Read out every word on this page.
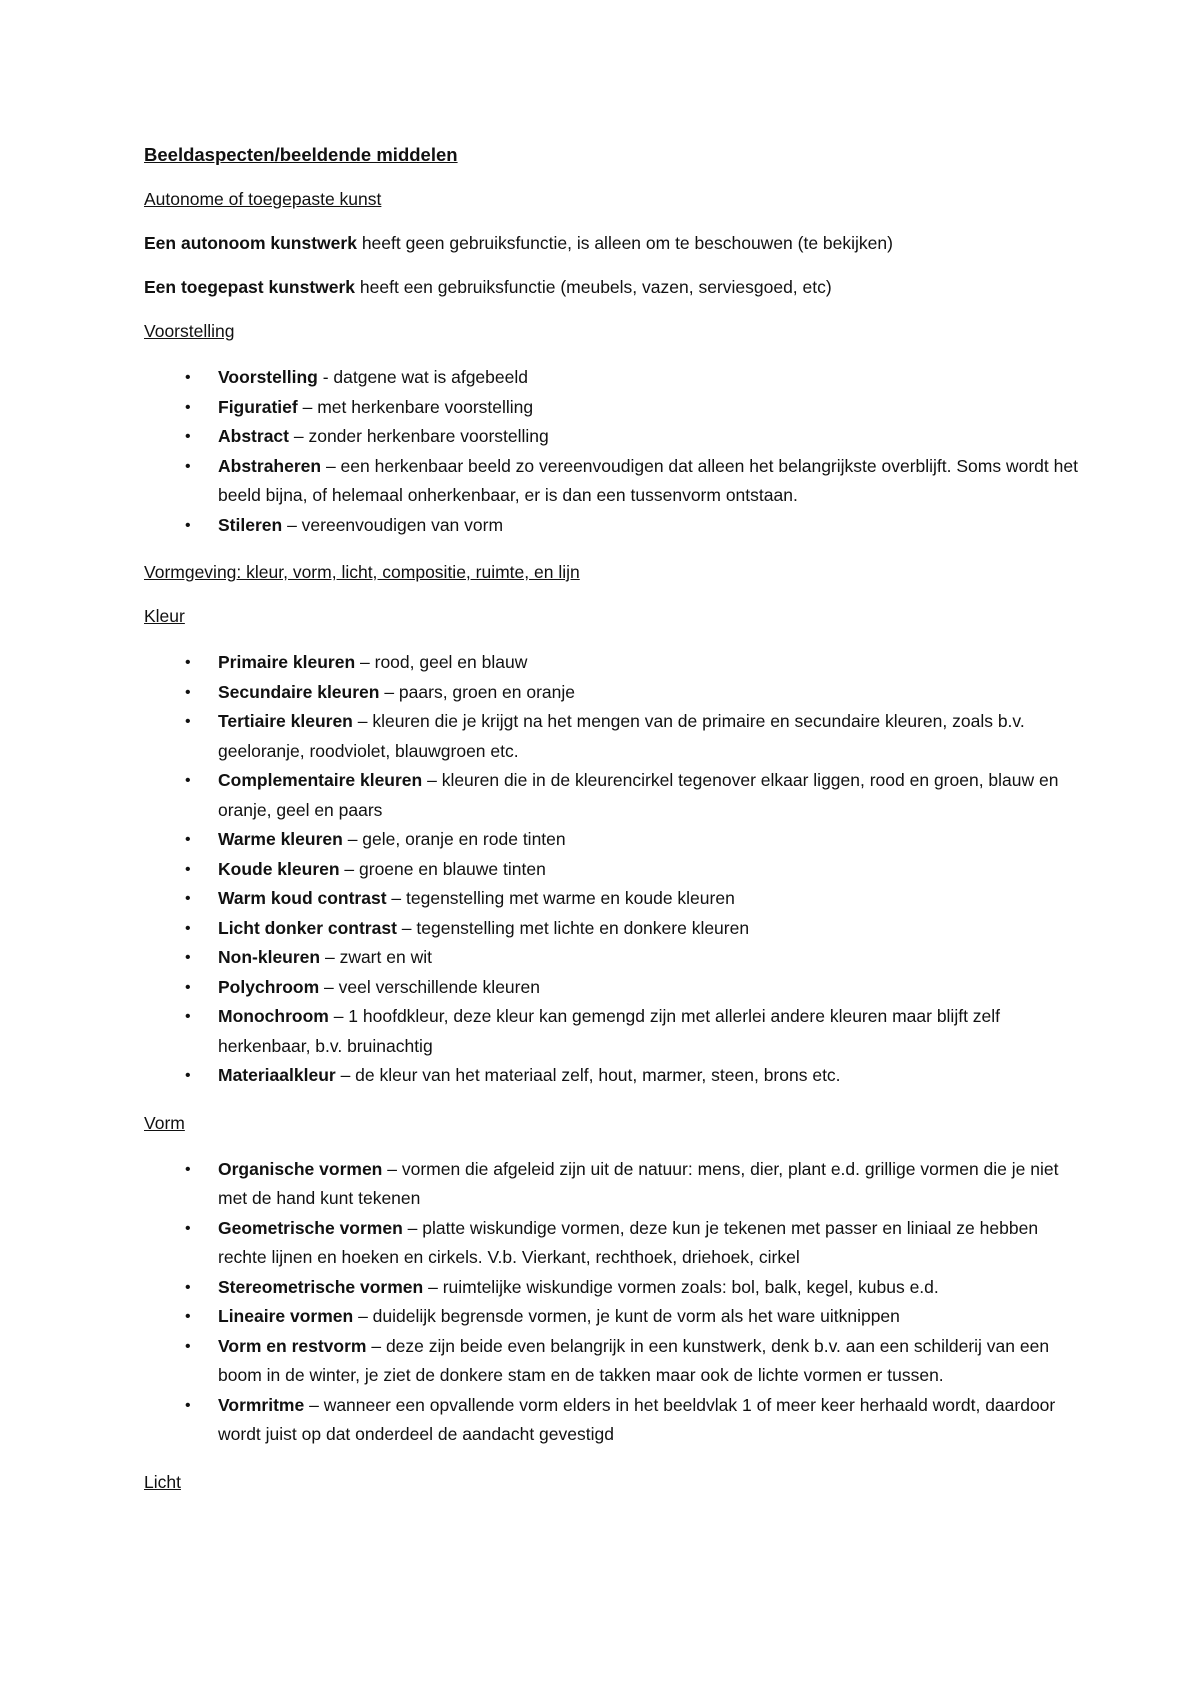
Beeldaspecten/beeldende middelen
Autonome of toegepaste kunst
Een autonoom kunstwerk heeft geen gebruiksfunctie, is alleen om te beschouwen (te bekijken)
Een toegepast kunstwerk heeft een gebruiksfunctie (meubels, vazen, serviesgoed, etc)
Voorstelling
• Voorstelling - datgene wat is afgebeeld
• Figuratief – met herkenbare voorstelling
• Abstract – zonder herkenbare voorstelling
• Abstraheren – een herkenbaar beeld zo vereenvoudigen dat alleen het belangrijkste overblijft. Soms wordt het beeld bijna, of helemaal onherkenbaar, er is dan een tussenvorm ontstaan.
• Stileren – vereenvoudigen van vorm
Vormgeving: kleur, vorm, licht, compositie, ruimte, en lijn
Kleur
• Primaire kleuren – rood, geel en blauw
• Secundaire kleuren – paars, groen en oranje
• Tertiaire kleuren – kleuren die je krijgt na het mengen van de primaire en secundaire kleuren, zoals b.v. geeloranje, roodviolet, blauwgroen etc.
• Complementaire kleuren – kleuren die in de kleurencirkel tegenover elkaar liggen, rood en groen, blauw en oranje, geel en paars
• Warme kleuren – gele, oranje en rode tinten
• Koude kleuren – groene en blauwe tinten
• Warm koud contrast – tegenstelling met warme en koude kleuren
• Licht donker contrast – tegenstelling met lichte en donkere kleuren
• Non-kleuren – zwart en wit
• Polychroom – veel verschillende kleuren
• Monochroom – 1 hoofdkleur, deze kleur kan gemengd zijn met allerlei andere kleuren maar blijft zelf herkenbaar, b.v. bruinachtig
• Materiaalkleur – de kleur van het materiaal zelf, hout, marmer, steen, brons etc.
Vorm
• Organische vormen – vormen die afgeleid zijn uit de natuur: mens, dier, plant e.d. grillige vormen die je niet met de hand kunt tekenen
• Geometrische vormen – platte wiskundige vormen, deze kun je tekenen met passer en liniaal ze hebben rechte lijnen en hoeken en cirkels. V.b. Vierkant, rechthoek, driehoek, cirkel
• Stereometrische vormen – ruimtelijke wiskundige vormen zoals: bol, balk, kegel, kubus e.d.
• Lineaire vormen – duidelijk begrensde vormen, je kunt de vorm als het ware uitknippen
• Vorm en restvorm – deze zijn beide even belangrijk in een kunstwerk, denk b.v. aan een schilderij van een boom in de winter, je ziet de donkere stam en de takken maar ook de lichte vormen er tussen.
• Vormritme – wanneer een opvallende vorm elders in het beeldvlak 1 of meer keer herhaald wordt, daardoor wordt juist op dat onderdeel de aandacht gevestigd
Licht
